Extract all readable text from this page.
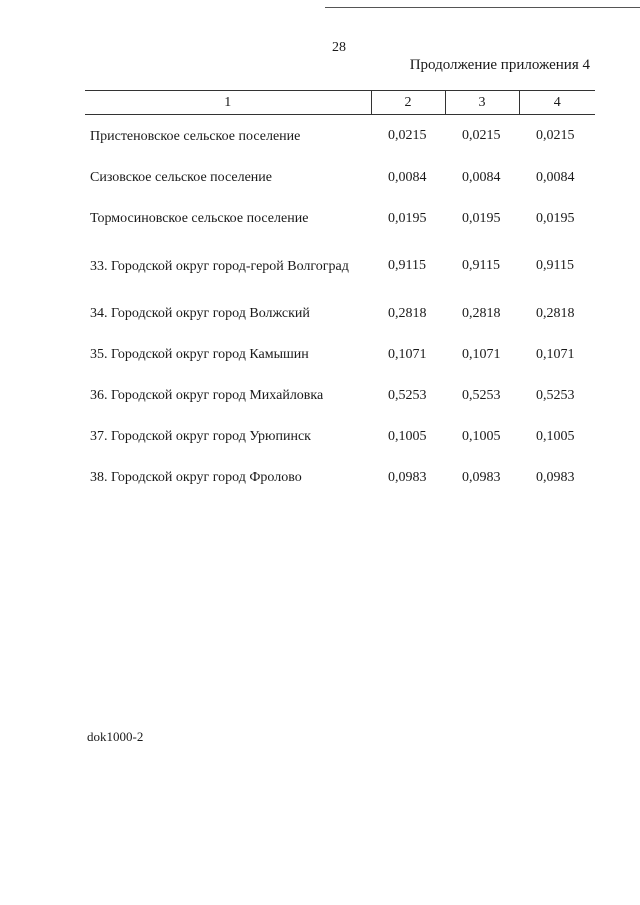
28
Продолжение приложения 4
1	2	3	4
Пристеновское сельское поселение	0,0215	0,0215	0,0215
Сизовское сельское поселение	0,0084	0,0084	0,0084
Тормосиновское сельское поселение	0,0195	0,0195	0,0195
33. Городской округ город-герой Волгоград	0,9115	0,9115	0,9115
34. Городской округ город Волжский	0,2818	0,2818	0,2818
35. Городской округ город Камышин	0,1071	0,1071	0,1071
36. Городской округ город Михайловка	0,5253	0,5253	0,5253
37. Городской округ город Урюпинск	0,1005	0,1005	0,1005
38. Городской округ город Фролово	0,0983	0,0983	0,0983
dok1000-2
